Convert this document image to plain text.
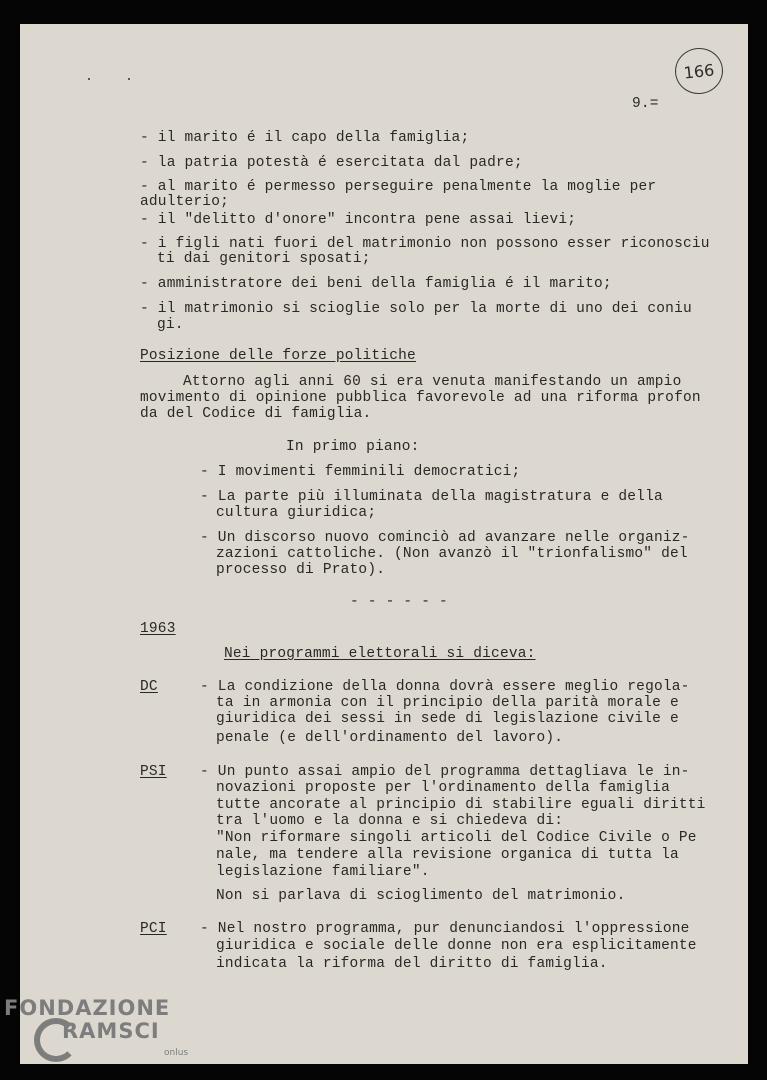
166
9.=
- il marito é il capo della famiglia;
- la patria potestà é esercitata dal padre;
- al marito é permesso perseguire penalmente la moglie per
adulterio;
- il "delitto d'onore" incontra pene assai lievi;
- i figli nati fuori del matrimonio non possono esser riconosciu
ti dai genitori sposati;
- amministratore dei beni della famiglia é il marito;
- il matrimonio si scioglie solo per la morte di uno dei coniu
gi.
Posizione delle forze politiche
Attorno agli anni 60 si era venuta manifestando un ampio
movimento di opinione pubblica favorevole ad una riforma profon
da del Codice di famiglia.
In primo piano:
- I movimenti femminili democratici;
- La parte più illuminata della magistratura e della
cultura giuridica;
- Un discorso nuovo cominciò ad avanzare nelle organiz-
zazioni cattoliche. (Non avanzò il "trionfalismo" del
processo di Prato).
- - - - - -
1963
Nei programmi elettorali si diceva:
DC	- La condizione della donna dovrà essere meglio regola-
ta in armonia con il principio della parità morale e
giuridica dei sessi in sede di legislazione civile e
penale (e dell'ordinamento del lavoro).
PSI - Un punto assai ampio del programma dettagliava le in-
novazioni proposte per l'ordinamento della famiglia
tutte ancorate al principio di stabilire eguali diritti
tra l'uomo e la donna e si chiedeva di:
"Non riformare singoli articoli del Codice Civile o Pe
nale, ma tendere alla revisione organica di tutta la
legislazione familiare".
Non si parlava di scioglimento del matrimonio.
PCI - Nel nostro programma, pur denunciandosi l'oppressione
giuridica e sociale delle donne non era esplicitamente
indicata la riforma del diritto di famiglia.
FONDAZIONE
RAMSCI
onlus
